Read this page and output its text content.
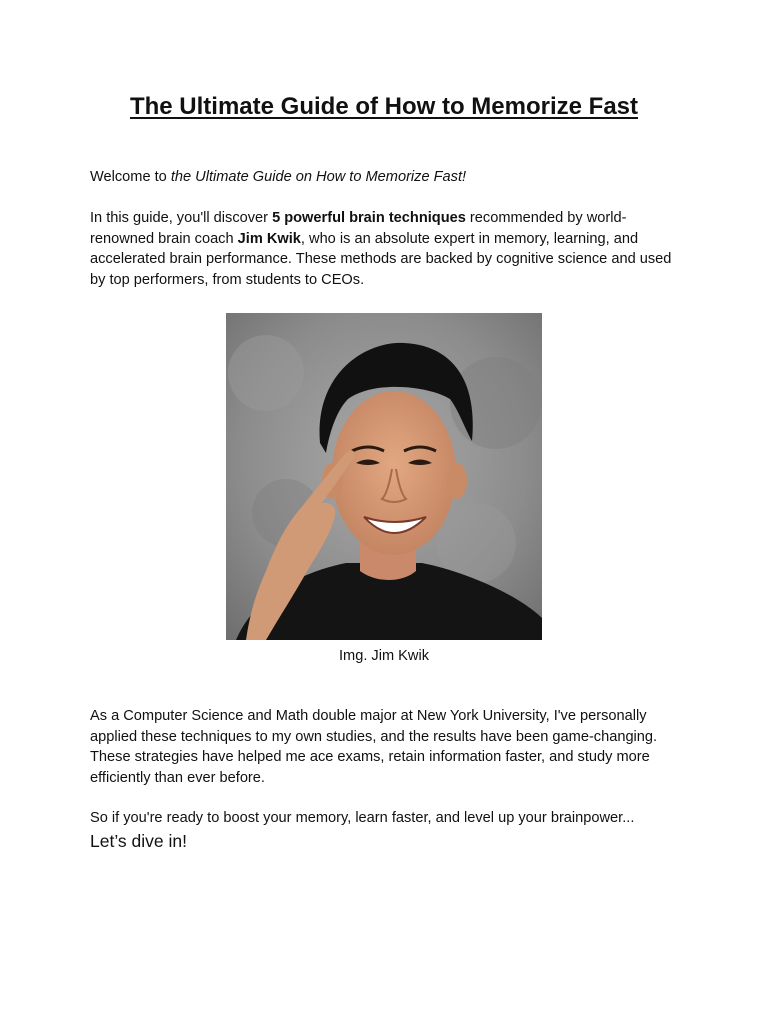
The Ultimate Guide of How to Memorize Fast

Welcome to the Ultimate Guide on How to Memorize Fast!

In this guide, you'll discover 5 powerful brain techniques recommended by world-renowned brain coach Jim Kwik, who is an absolute expert in memory, learning, and accelerated brain performance. These methods are backed by cognitive science and used by top performers, from students to CEOs.

Img. Jim Kwik

As a Computer Science and Math double major at New York University, I've personally applied these techniques to my own studies, and the results have been game-changing. These strategies have helped me ace exams, retain information faster, and study more efficiently than ever before.

So if you're ready to boost your memory, learn faster, and level up your brainpower...

Let’s dive in!
